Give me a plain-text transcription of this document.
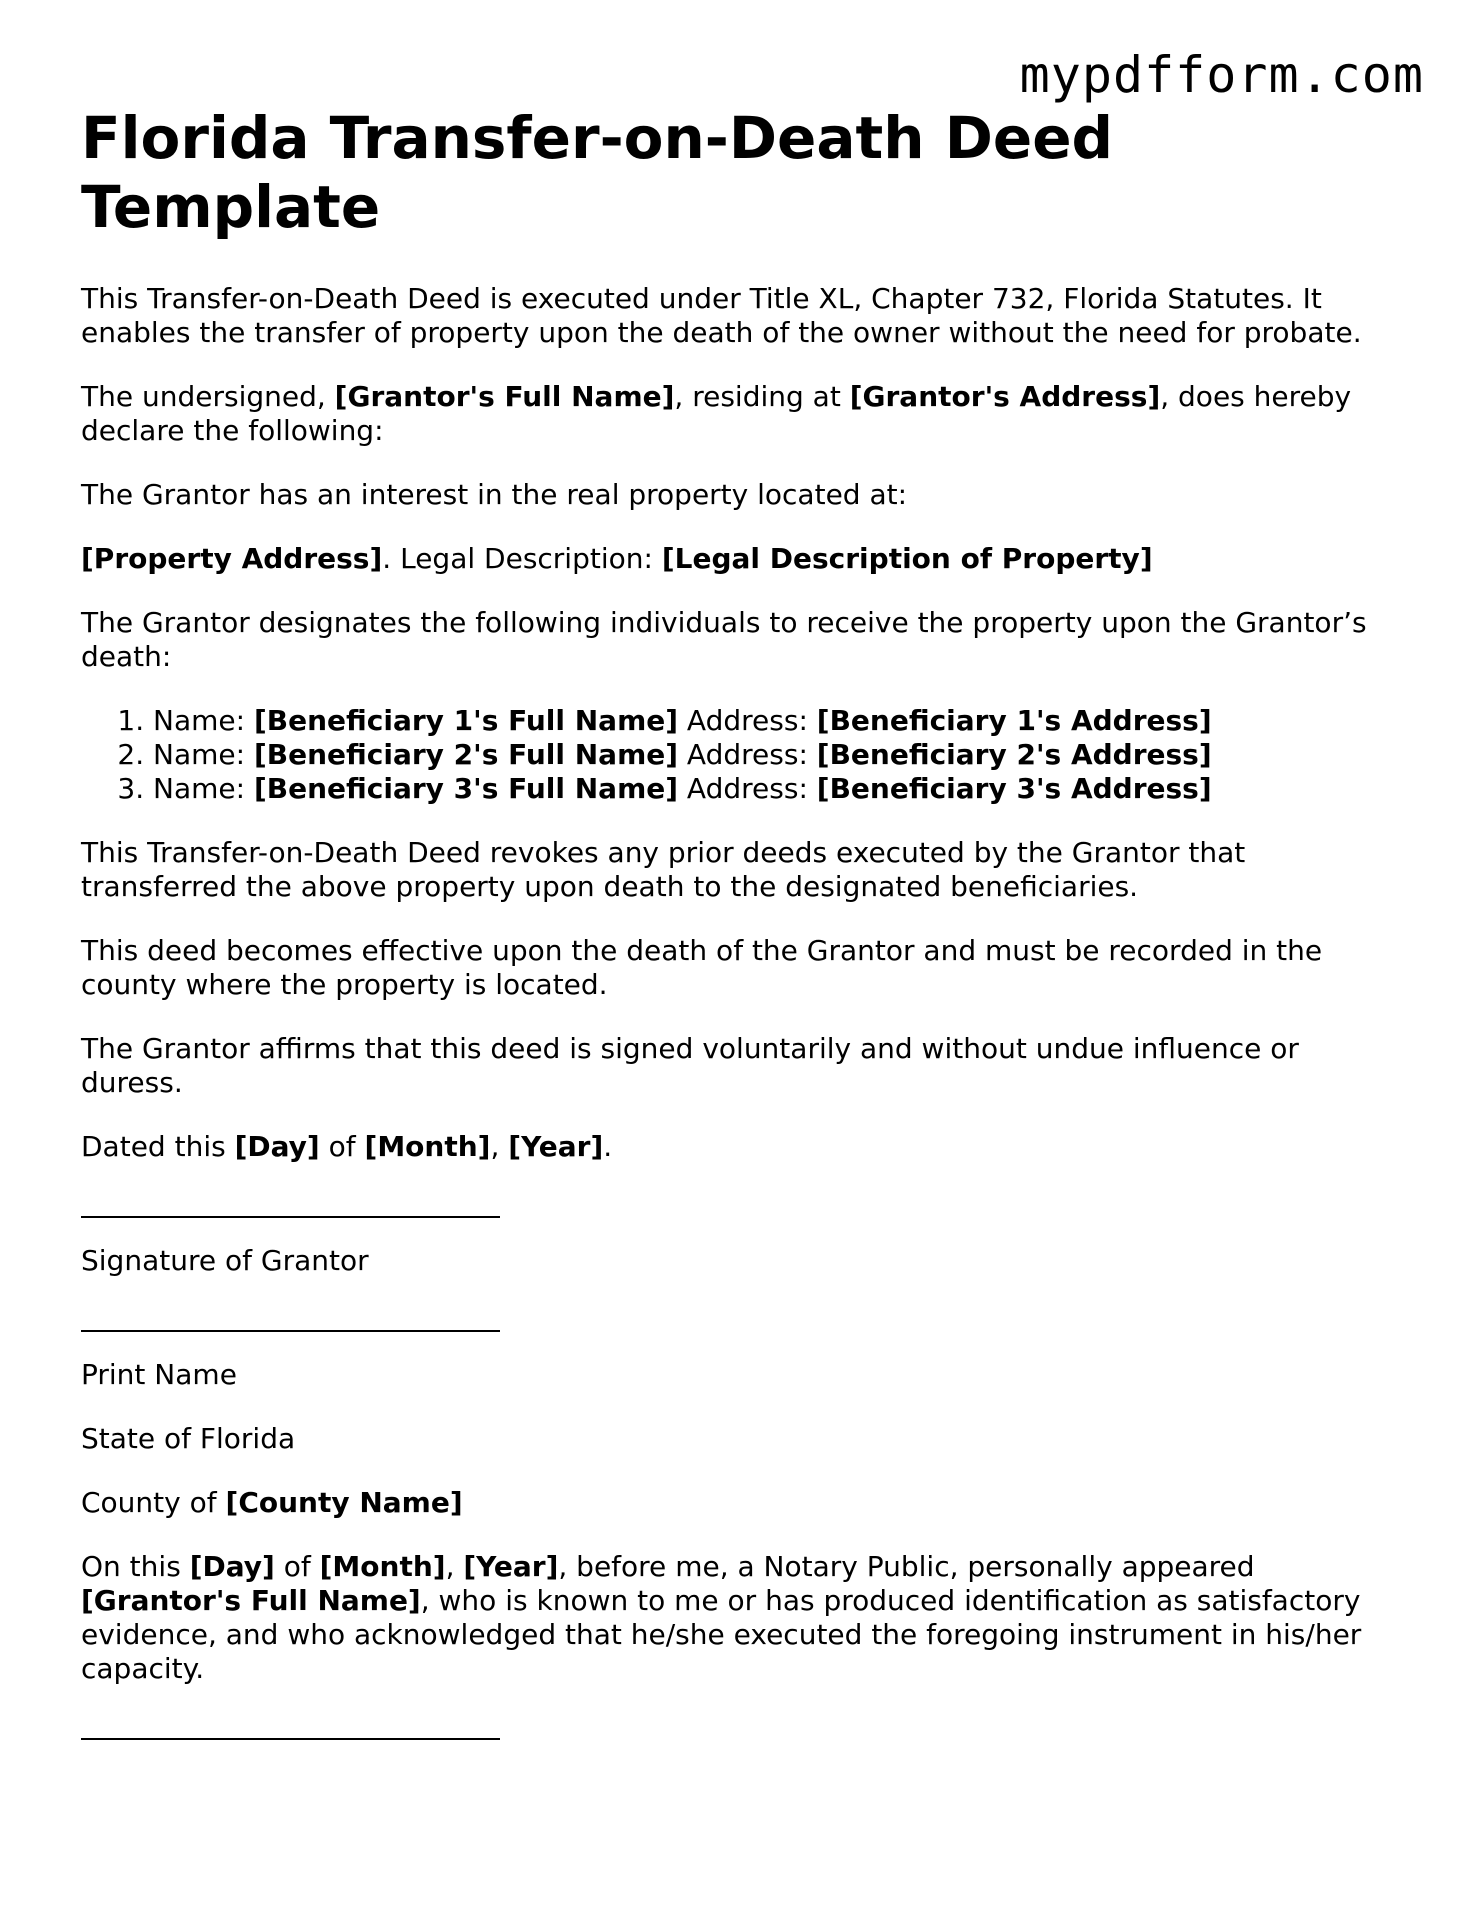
mypdfform.com
Florida Transfer-on-Death Deed Template

This Transfer-on-Death Deed is executed under Title XL, Chapter 732, Florida Statutes. It enables the transfer of property upon the death of the owner without the need for probate.

The undersigned, [Grantor's Full Name], residing at [Grantor's Address], does hereby declare the following:

The Grantor has an interest in the real property located at:

[Property Address]. Legal Description: [Legal Description of Property]

The Grantor designates the following individuals to receive the property upon the Grantor’s death:

1. Name: [Beneficiary 1's Full Name] Address: [Beneficiary 1's Address]
2. Name: [Beneficiary 2's Full Name] Address: [Beneficiary 2's Address]
3. Name: [Beneficiary 3's Full Name] Address: [Beneficiary 3's Address]

This Transfer-on-Death Deed revokes any prior deeds executed by the Grantor that transferred the above property upon death to the designated beneficiaries.

This deed becomes effective upon the death of the Grantor and must be recorded in the county where the property is located.

The Grantor affirms that this deed is signed voluntarily and without undue influence or duress.

Dated this [Day] of [Month], [Year].

Signature of Grantor

Print Name

State of Florida

County of [County Name]

On this [Day] of [Month], [Year], before me, a Notary Public, personally appeared [Grantor's Full Name], who is known to me or has produced identification as satisfactory evidence, and who acknowledged that he/she executed the foregoing instrument in his/her capacity.
